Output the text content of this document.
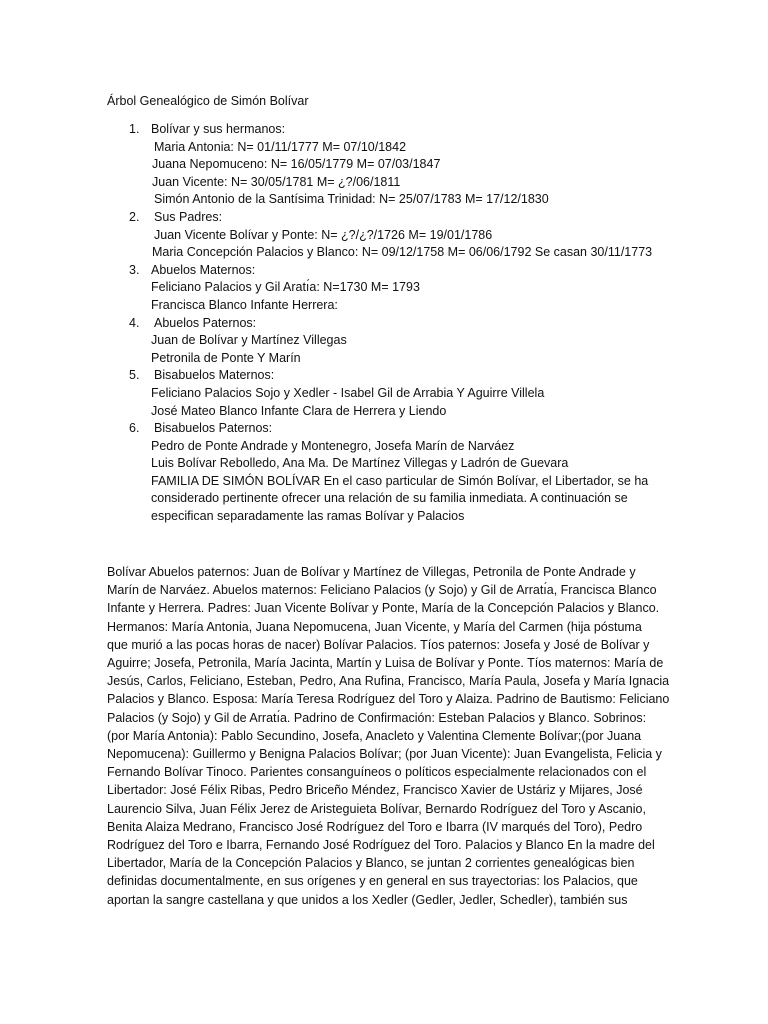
Árbol Genealógico de Simón Bolívar
1. Bolívar y sus hermanos:
Maria Antonia: N= 01/11/1777 M= 07/10/1842
Juana Nepomuceno: N= 16/05/1779 M= 07/03/1847
Juan Vicente: N= 30/05/1781 M= ¿?/06/1811
Simón Antonio de la Santísima Trinidad: N= 25/07/1783 M= 17/12/1830
2. Sus Padres:
Juan Vicente Bolívar y Ponte: N= ¿?/¿?/1726 M= 19/01/1786
Maria Concepción Palacios y Blanco: N= 09/12/1758 M= 06/06/1792 Se casan 30/11/1773
3. Abuelos Maternos:
Feliciano Palacios y Gil Aratı́a: N=1730 M= 1793
Francisca Blanco Infante Herrera:
4. Abuelos Paternos:
Juan de Bolívar y Martínez Villegas
Petronila de Ponte Y Marín
5. Bisabuelos Maternos:
Feliciano Palacios Sojo y Xedler - Isabel Gil de Arrabia Y Aguirre Villela
José Mateo Blanco Infante Clara de Herrera y Liendo
6. Bisabuelos Paternos:
Pedro de Ponte Andrade y Montenegro, Josefa Marín de Narváez
Luis Bolívar Rebolledo, Ana Ma. De Martínez Villegas y Ladrón de Guevara
FAMILIA DE SIMÓN BOLÍVAR En el caso particular de Simón Bolívar, el Libertador, se ha considerado pertinente ofrecer una relación de su familia inmediata. A continuación se especifican separadamente las ramas Bolívar y Palacios
Bolívar Abuelos paternos: Juan de Bolívar y Martínez de Villegas, Petronila de Ponte Andrade y
Marín de Narváez. Abuelos maternos: Feliciano Palacios (y Sojo) y Gil de Arratı́a, Francisca Blanco
Infante y Herrera. Padres: Juan Vicente Bolívar y Ponte, María de la Concepción Palacios y Blanco.
Hermanos: María Antonia, Juana Nepomucena, Juan Vicente, y María del Carmen (hija póstuma
que murió a las pocas horas de nacer) Bolívar Palacios. Tíos paternos: Josefa y José de Bolívar y
Aguirre; Josefa, Petronila, María Jacinta, Martín y Luisa de Bolívar y Ponte. Tíos maternos: María de
Jesús, Carlos, Feliciano, Esteban, Pedro, Ana Rufina, Francisco, María Paula, Josefa y María Ignacia
Palacios y Blanco. Esposa: María Teresa Rodríguez del Toro y Alaiza. Padrino de Bautismo: Feliciano
Palacios (y Sojo) y Gil de Arratı́a. Padrino de Confirmación: Esteban Palacios y Blanco. Sobrinos:
(por María Antonia): Pablo Secundino, Josefa, Anacleto y Valentina Clemente Bolívar;(por Juana
Nepomucena): Guillermo y Benigna Palacios Bolívar; (por Juan Vicente): Juan Evangelista, Felicia y
Fernando Bolívar Tinoco. Parientes consanguíneos o políticos especialmente relacionados con el
Libertador: José Félix Ribas, Pedro Briceño Méndez, Francisco Xavier de Ustáriz y Mijares, José
Laurencio Silva, Juan Félix Jerez de Aristeguieta Bolívar, Bernardo Rodríguez del Toro y Ascanio,
Benita Alaiza Medrano, Francisco José Rodríguez del Toro e Ibarra (IV marqués del Toro), Pedro
Rodríguez del Toro e Ibarra, Fernando José Rodríguez del Toro. Palacios y Blanco En la madre del
Libertador, María de la Concepción Palacios y Blanco, se juntan 2 corrientes genealógicas bien
definidas documentalmente, en sus orígenes y en general en sus trayectorias: los Palacios, que
aportan la sangre castellana y que unidos a los Xedler (Gedler, Jedler, Schedler), también sus
